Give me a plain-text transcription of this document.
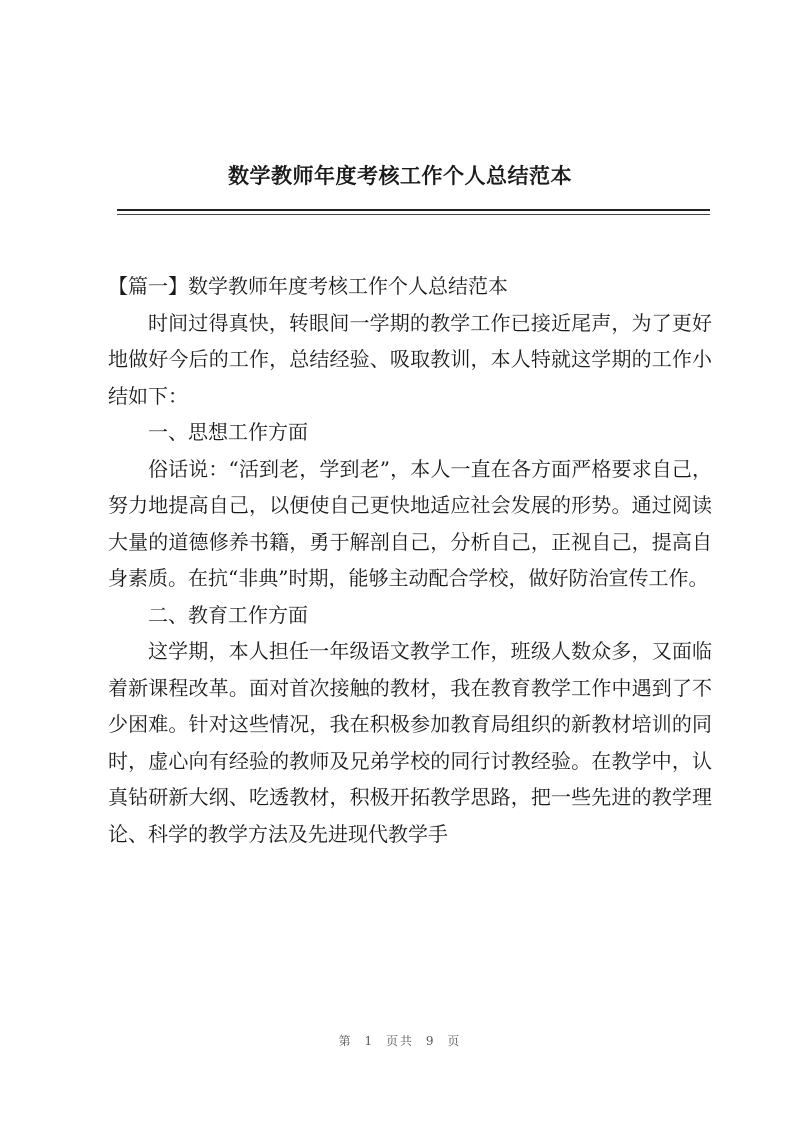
数学教师年度考核工作个人总结范本

【篇一】数学教师年度考核工作个人总结范本

时间过得真快，转眼间一学期的教学工作已接近尾声，为了更好地做好今后的工作，总结经验、吸取教训，本人特就这学期的工作小结如下：

一、思想工作方面

俗话说：“活到老，学到老”，本人一直在各方面严格要求自己，努力地提高自己，以便使自己更快地适应社会发展的形势。通过阅读大量的道德修养书籍，勇于解剖自己，分析自己，正视自己，提高自身素质。在抗“非典”时期，能够主动配合学校，做好防治宣传工作。

二、教育工作方面

这学期，本人担任一年级语文教学工作，班级人数众多，又面临着新课程改革。面对首次接触的教材，我在教育教学工作中遇到了不少困难。针对这些情况，我在积极参加教育局组织的新教材培训的同时，虚心向有经验的教师及兄弟学校的同行讨教经验。在教学中，认真钻研新大纲、吃透教材，积极开拓教学思路，把一些先进的教学理论、科学的教学方法及先进现代教学手

第 1 页共 9 页
